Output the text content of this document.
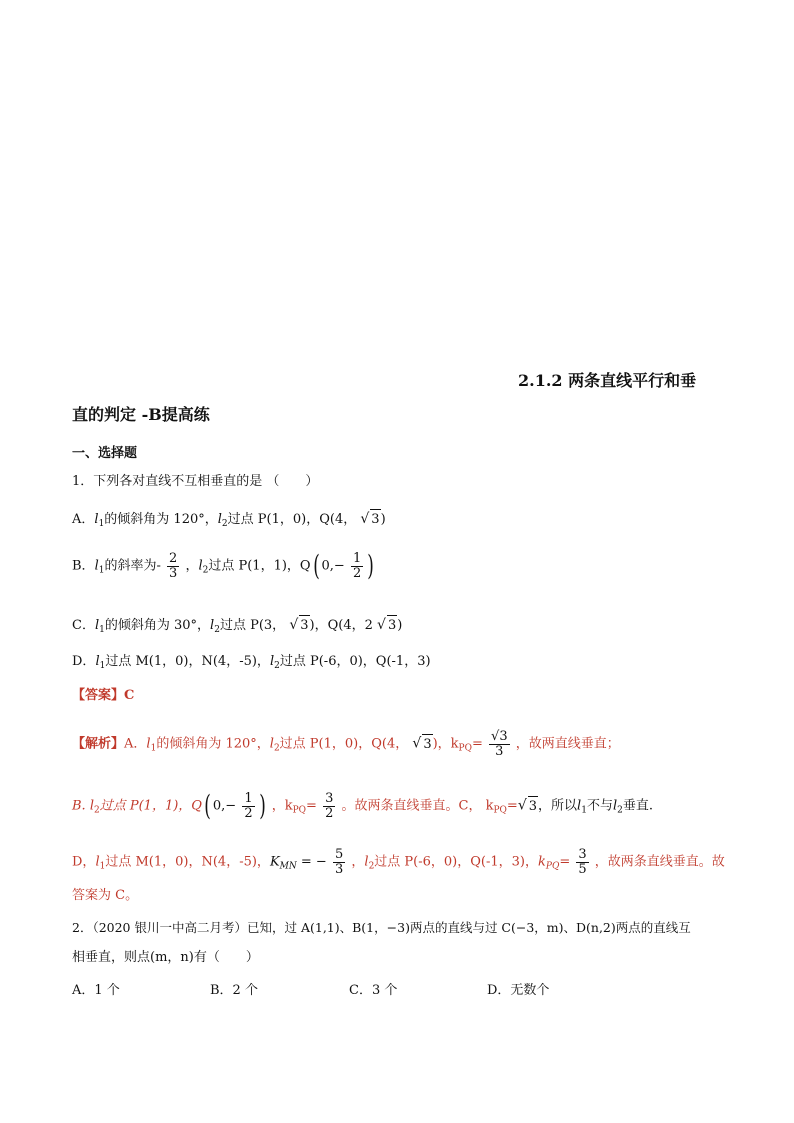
2.1.2 两条直线平行和垂
直的判定 -B提高练
一、选择题
1．下列各对直线不互相垂直的是 （　　）
A．$l_1$的倾斜角为 120°，$l_2$过点 P(1，0)，Q(4， √ 3)
B．$l_1$的斜率为- $\frac{2}{3}$ ，$l_2$过点 P(1，1)，Q( $0,- \frac{1}{2}$ )
C．$l_1$的倾斜角为 30°，$l_2$过点 P(3， √ 3)，Q(4，2 √ 3)
D．$l_1$过点 M(1，0)，N(4，-5)，$l_2$过点 P(-6，0)，Q(-1，3)
【答案】C
【解析】A．$l_1$的倾斜角为 120°，$l_2$过点 P(1，0)，Q(4， √ 3)，$k_{PQ}= \frac{√3}{3}$ ，故两直线垂直；
B. $l_2$过点 P(1，1)，Q( $0,- \frac{1}{2}$ ) ，$k_{PQ}= \frac{3}{2}$ 。故两条直线垂直。C， $k_{PQ}=√$ 3，所以$l_1$不与$l_2$垂直.
D，$l_1$过点 M(1，0)，N(4，-5)，$K_{MN}$ = − $\frac{5}{3}$ ，$l_2$过点 P(-6，0)，Q(-1，3)，$k_{PQ}= \frac{3}{5}$ ，故两条直线垂直。故
答案为 C。
2．（2020 银川一中高二月考）已知，过 A(1,1)、B(1，−3)两点的直线与过 C(−3，m)、D(n,2)两点的直线互
相垂直，则点(m，n)有（　　）
A．1 个	B．2 个	C．3 个	D．无数个
